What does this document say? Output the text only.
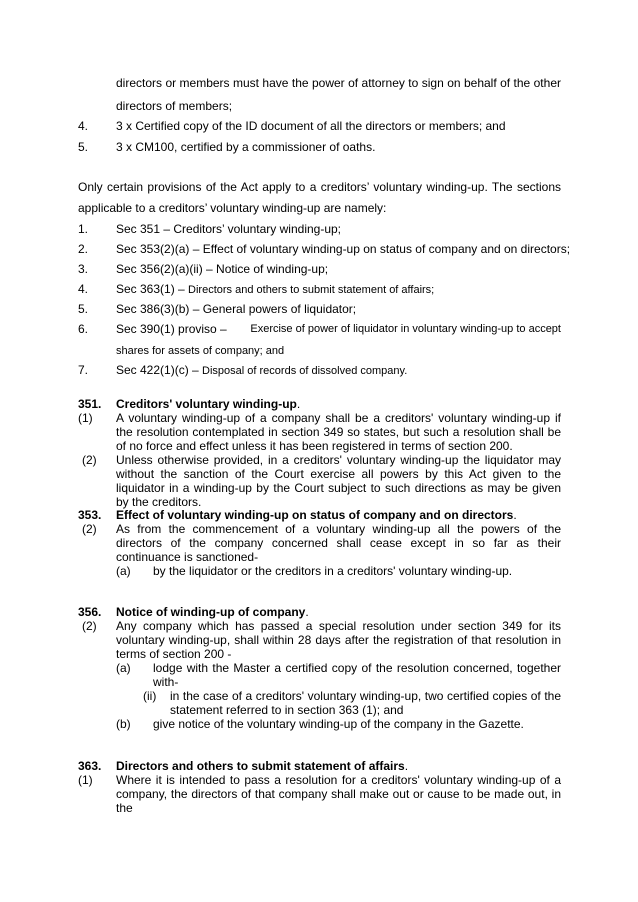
directors or members must have the power of attorney to sign on behalf of the other
directors of members;
4. 3 x Certified copy of the ID document of all the directors or members; and
5. 3 x CM100, certified by a commissioner of oaths.
Only certain provisions of the Act apply to a creditors’ voluntary winding-up. The sections
applicable to a creditors’ voluntary winding-up are namely:
1. Sec 351 – Creditors’ voluntary winding-up;
2. Sec 353(2)(a) – Effect of voluntary winding-up on status of company and on directors;
3. Sec 356(2)(a)(ii) – Notice of winding-up;
4. Sec 363(1) – Directors and others to submit statement of affairs;
5. Sec 386(3)(b) – General powers of liquidator;
6. Sec 390(1) proviso – Exercise of power of liquidator in voluntary winding-up to accept
shares for assets of company; and
7. Sec 422(1)(c) – Disposal of records of dissolved company.
351. Creditors' voluntary winding-up.
(1) A voluntary winding-up of a company shall be a creditors' voluntary winding-up if the resolution contemplated in section 349 so states, but such a resolution shall be of no force and effect unless it has been registered in terms of section 200.
(2) Unless otherwise provided, in a creditors' voluntary winding-up the liquidator may without the sanction of the Court exercise all powers by this Act given to the liquidator in a winding-up by the Court subject to such directions as may be given by the creditors.
353. Effect of voluntary winding-up on status of company and on directors.
(2) As from the commencement of a voluntary winding-up all the powers of the directors of the company concerned shall cease except in so far as their continuance is sanctioned-
(a) by the liquidator or the creditors in a creditors' voluntary winding-up.
356. Notice of winding-up of company.
(2) Any company which has passed a special resolution under section 349 for its voluntary winding-up, shall within 28 days after the registration of that resolution in terms of section 200 -
(a) lodge with the Master a certified copy of the resolution concerned, together with-
(ii) in the case of a creditors' voluntary winding-up, two certified copies of the statement referred to in section 363 (1); and
(b) give notice of the voluntary winding-up of the company in the Gazette.
363. Directors and others to submit statement of affairs.
(1) Where it is intended to pass a resolution for a creditors' voluntary winding-up of a company, the directors of that company shall make out or cause to be made out, in the
